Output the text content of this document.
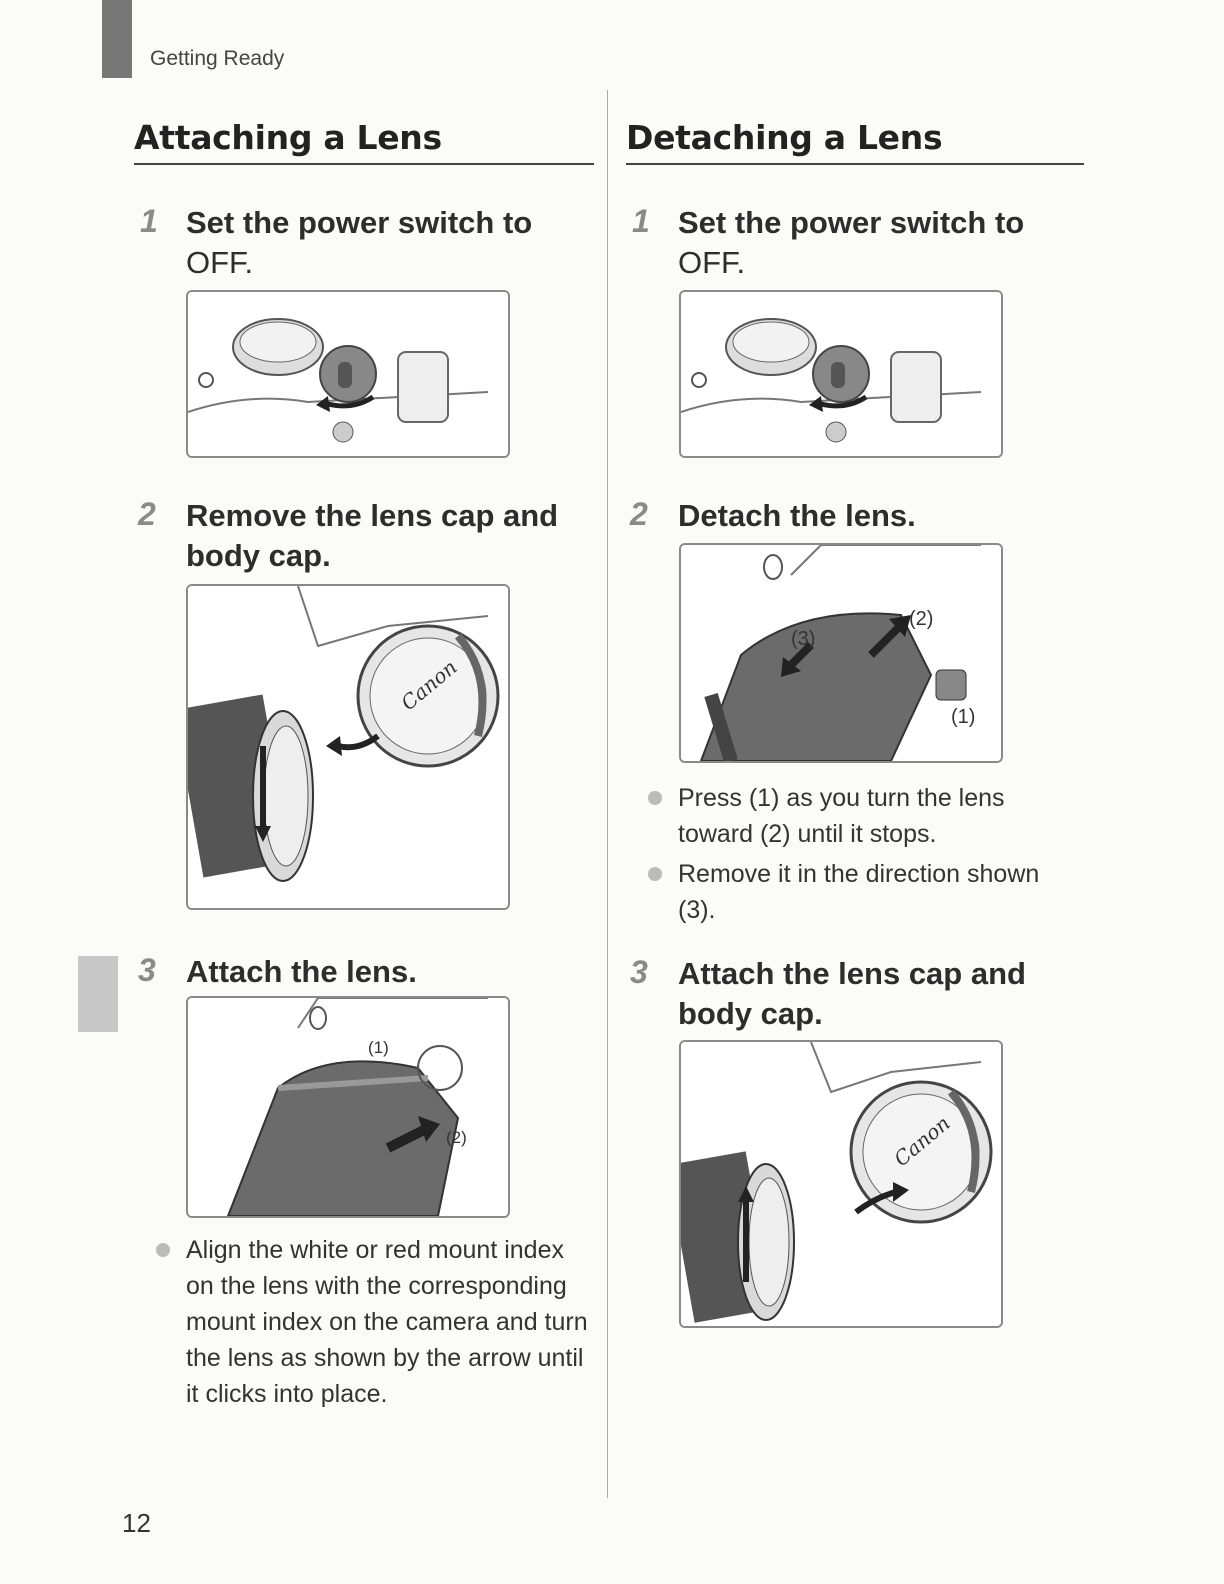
Getting Ready
Attaching a Lens
1 Set the power switch to
OFF.
2 Remove the lens cap and body cap.
Canon
3 Attach the lens.
(1)
(2)
Align the white or red mount index on the lens with the corresponding mount index on the camera and turn the lens as shown by the arrow until it clicks into place.
Detaching a Lens
1 Set the power switch to
OFF.
2 Detach the lens.
(1)
(2)
(3)
Press (1) as you turn the lens toward (2) until it stops.
Remove it in the direction shown (3).
3 Attach the lens cap and body cap.
Canon
12
